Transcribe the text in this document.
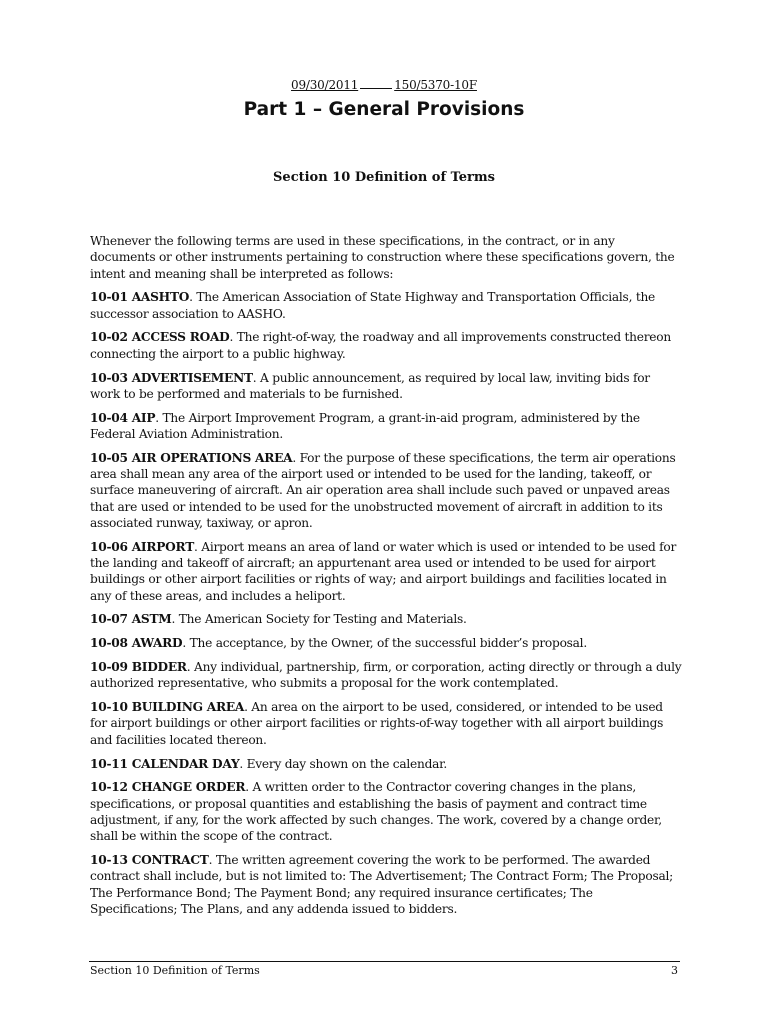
09/30/2011	150/5370-10F
Part 1 – General Provisions
Section 10 Definition of Terms

Whenever the following terms are used in these specifications, in the contract, or in any documents or other instruments pertaining to construction where these specifications govern, the intent and meaning shall be interpreted as follows:

10-01 AASHTO. The American Association of State Highway and Transportation Officials, the successor association to AASHO.

10-02 ACCESS ROAD. The right-of-way, the roadway and all improvements constructed thereon connecting the airport to a public highway.

10-03 ADVERTISEMENT. A public announcement, as required by local law, inviting bids for work to be performed and materials to be furnished.

10-04 AIP. The Airport Improvement Program, a grant-in-aid program, administered by the Federal Aviation Administration.

10-05 AIR OPERATIONS AREA. For the purpose of these specifications, the term air operations area shall mean any area of the airport used or intended to be used for the landing, takeoff, or surface maneuvering of aircraft. An air operation area shall include such paved or unpaved areas that are used or intended to be used for the unobstructed movement of aircraft in addition to its associated runway, taxiway, or apron.

10-06 AIRPORT. Airport means an area of land or water which is used or intended to be used for the landing and takeoff of aircraft; an appurtenant area used or intended to be used for airport buildings or other airport facilities or rights of way; and airport buildings and facilities located in any of these areas, and includes a heliport.

10-07 ASTM. The American Society for Testing and Materials.

10-08 AWARD. The acceptance, by the Owner, of the successful bidder’s proposal.

10-09 BIDDER. Any individual, partnership, firm, or corporation, acting directly or through a duly authorized representative, who submits a proposal for the work contemplated.

10-10 BUILDING AREA. An area on the airport to be used, considered, or intended to be used for airport buildings or other airport facilities or rights-of-way together with all airport buildings and facilities located thereon.

10-11 CALENDAR DAY. Every day shown on the calendar.

10-12 CHANGE ORDER. A written order to the Contractor covering changes in the plans, specifications, or proposal quantities and establishing the basis of payment and contract time adjustment, if any, for the work affected by such changes. The work, covered by a change order, shall be within the scope of the contract.

10-13 CONTRACT. The written agreement covering the work to be performed. The awarded contract shall include, but is not limited to: The Advertisement; The Contract Form; The Proposal; The Performance Bond; The Payment Bond; any required insurance certificates; The Specifications; The Plans, and any addenda issued to bidders.

Section 10 Definition of Terms	3
